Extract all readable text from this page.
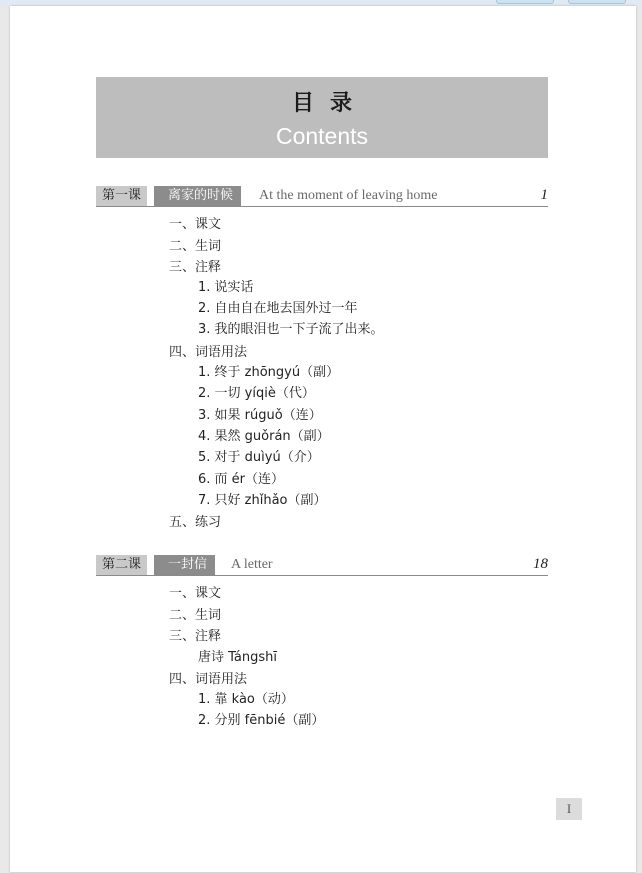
目录
Contents
第一课	离家的时候	At the moment of leaving home	1
一、课文
二、生词
三、注释
1. 说实话
2. 自由自在地去国外过一年
3. 我的眼泪也一下子流了出来。
四、词语用法
1. 终于 zhōngyú（副）
2. 一切 yíqiè（代）
3. 如果 rúguǒ（连）
4. 果然 guǒrán（副）
5. 对于 duìyú（介）
6. 而 ér（连）
7. 只好 zhǐhǎo（副）
五、练习
第二课	一封信	A letter	18
一、课文
二、生词
三、注释
唐诗 Tángshī
四、词语用法
1. 靠 kào（动）
2. 分别 fēnbié（副）
I
